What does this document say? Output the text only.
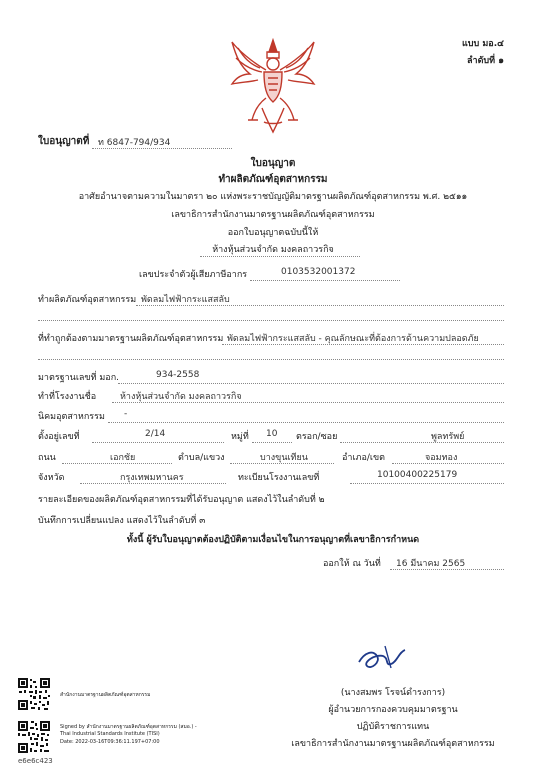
แบบ มอ.๔
ลำดับที่ ๑
ใบอนุญาตที่ ท 6847-794/934
ใบอนุญาต
ทำผลิตภัณฑ์อุตสาหกรรม
อาศัยอำนาจตามความในมาตรา ๒๐ แห่งพระราชบัญญัติมาตรฐานผลิตภัณฑ์อุตสาหกรรม พ.ศ. ๒๕๑๑
เลขาธิการสำนักงานมาตรฐานผลิตภัณฑ์อุตสาหกรรม
ออกใบอนุญาตฉบับนี้ให้
ห้างหุ้นส่วนจำกัด มงคลถาวรกิจ
เลขประจำตัวผู้เสียภาษีอากร	0103532001372
ทำผลิตภัณฑ์อุตสาหกรรม พัดลมไฟฟ้ากระแสสลับ
ที่ทำถูกต้องตามมาตรฐานผลิตภัณฑ์อุตสาหกรรม พัดลมไฟฟ้ากระแสสลับ - คุณลักษณะที่ต้องการด้านความปลอดภัย
มาตรฐานเลขที่ มอก.	934-2558
ทำที่โรงงานชื่อ	ห้างหุ้นส่วนจำกัด มงคลถาวรกิจ
นิคมอุตสาหกรรม -
ตั้งอยู่เลขที่	2/14	หมู่ที่ 10 ตรอก/ซอย	พูลทรัพย์
ถนน	เอกชัย	ตำบล/แขวง	บางขุนเทียน	อำเภอ/เขต	จอมทอง
จังหวัด	กรุงเทพมหานคร	ทะเบียนโรงงานเลขที่	10100400225179
รายละเอียดของผลิตภัณฑ์อุตสาหกรรมที่ได้รับอนุญาต แสดงไว้ในลำดับที่ ๒
บันทึกการเปลี่ยนแปลง แสดงไว้ในลำดับที่ ๓
ทั้งนี้ ผู้รับใบอนุญาตต้องปฏิบัติตามเงื่อนไขในการอนุญาตที่เลขาธิการกำหนด
ออกให้ ณ วันที่ 16 มีนาคม 2565
(นางสมพร โรจน์ดำรงการ)
ผู้อำนวยการกองควบคุมมาตรฐาน
ปฏิบัติราชการแทน
เลขาธิการสำนักงานมาตรฐานผลิตภัณฑ์อุตสาหกรรม
สำนักงานมาตรฐานผลิตภัณฑ์อุตสาหกรรม
Signed by สำนักงานมาตรฐานผลิตภัณฑ์อุตสาหกรรม (สมอ.) -
Thai Industrial Standards Institute (TISI)
Date: 2022-03-16T09:36:11.197+07:00
e6e6c423
